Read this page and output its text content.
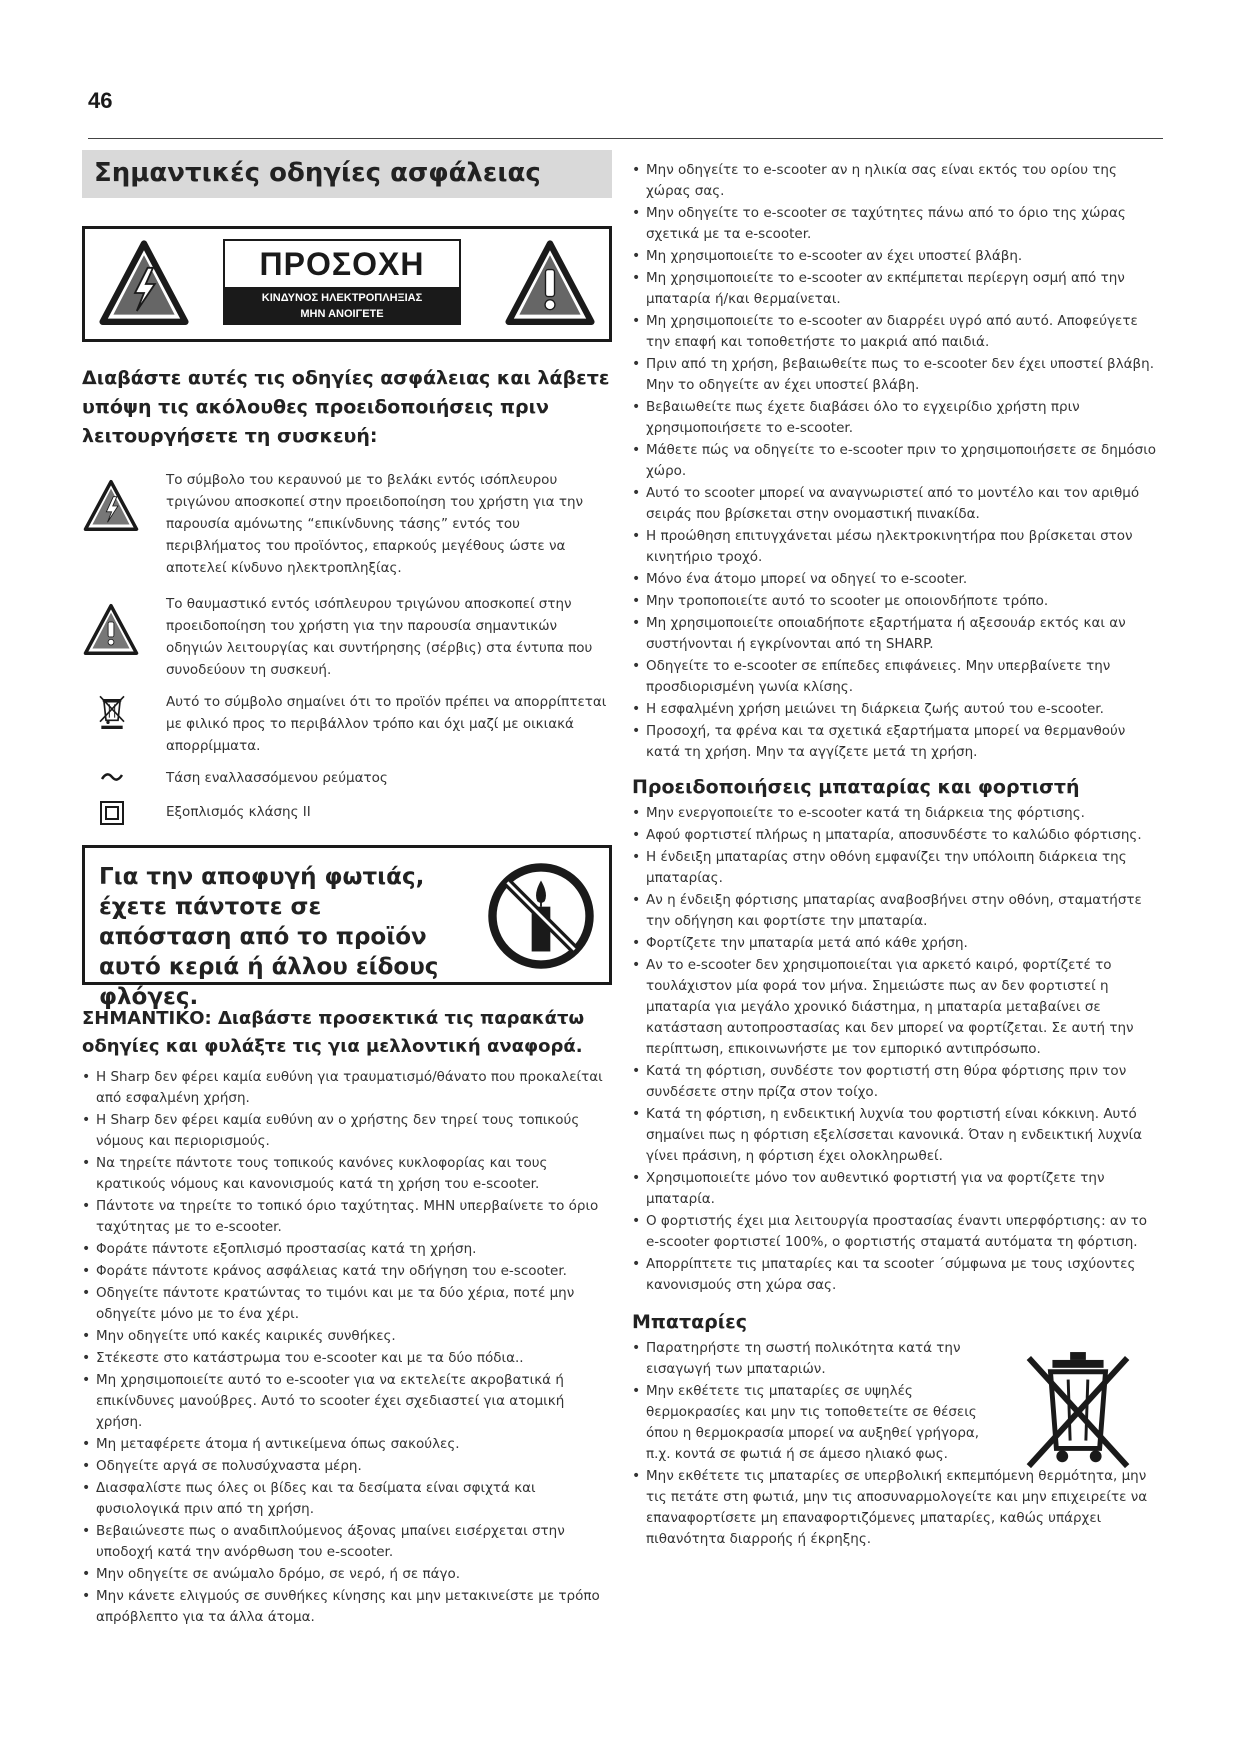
46
Σημαντικές οδηγίες ασφάλειας
ΠΡΟΣΟΧΗ
ΚΙΝΔΥΝΟΣ ΗΛΕΚΤΡΟΠΛΗΞΙΑΣ
ΜΗΝ ΑΝΟΙΓΕΤΕ
Διαβάστε αυτές τις οδηγίες ασφάλειας και λάβετε υπόψη τις ακόλουθες προειδοποιήσεις πριν λειτουργήσετε τη συσκευή:
Το σύμβολο του κεραυνού με το βελάκι εντός ισόπλευρου τριγώνου αποσκοπεί στην προειδοποίηση του χρήστη για την παρουσία αμόνωτης “επικίνδυνης τάσης” εντός του περιβλήματος του προϊόντος, επαρκούς μεγέθους ώστε να αποτελεί κίνδυνο ηλεκτροπληξίας.
Το θαυμαστικό εντός ισόπλευρου τριγώνου αποσκοπεί στην προειδοποίηση του χρήστη για την παρουσία σημαντικών οδηγιών λειτουργίας και συντήρησης (σέρβις) στα έντυπα που συνοδεύουν τη συσκευή.
Αυτό το σύμβολο σημαίνει ότι το προϊόν πρέπει να απορρίπτεται με φιλικό προς το περιβάλλον τρόπο και όχι μαζί με οικιακά απορρίμματα.
Τάση εναλλασσόμενου ρεύματος
Εξοπλισμός κλάσης II
Για την αποφυγή φωτιάς, έχετε πάντοτε σε απόσταση από το προϊόν αυτό κεριά ή άλλου είδους φλόγες.
ΣΗΜΑΝΤΙΚΟ: Διαβάστε προσεκτικά τις παρακάτω οδηγίες και φυλάξτε τις για μελλοντική αναφορά.
• Η Sharp δεν φέρει καμία ευθύνη για τραυματισμό/θάνατο που προκαλείται από εσφαλμένη χρήση.
• Η Sharp δεν φέρει καμία ευθύνη αν ο χρήστης δεν τηρεί τους τοπικούς νόμους και περιορισμούς.
• Να τηρείτε πάντοτε τους τοπικούς κανόνες κυκλοφορίας και τους κρατικούς νόμους και κανονισμούς κατά τη χρήση του e-scooter.
• Πάντοτε να τηρείτε το τοπικό όριο ταχύτητας. ΜΗΝ υπερβαίνετε το όριο ταχύτητας με το e-scooter.
• Φοράτε πάντοτε εξοπλισμό προστασίας κατά τη χρήση.
• Φοράτε πάντοτε κράνος ασφάλειας κατά την οδήγηση του e-scooter.
• Οδηγείτε πάντοτε κρατώντας το τιμόνι και με τα δύο χέρια, ποτέ μην οδηγείτε μόνο με το ένα χέρι.
• Μην οδηγείτε υπό κακές καιρικές συνθήκες.
• Στέκεστε στο κατάστρωμα του e-scooter και με τα δύο πόδια..
• Μη χρησιμοποιείτε αυτό το e-scooter για να εκτελείτε ακροβατικά ή επικίνδυνες μανούβρες. Αυτό το scooter έχει σχεδιαστεί για ατομική χρήση.
• Μη μεταφέρετε άτομα ή αντικείμενα όπως σακούλες.
• Οδηγείτε αργά σε πολυσύχναστα μέρη.
• Διασφαλίστε πως όλες οι βίδες και τα δεσίματα είναι σφιχτά και φυσιολογικά πριν από τη χρήση.
• Βεβαιώνεστε πως ο αναδιπλούμενος άξονας μπαίνει εισέρχεται στην υποδοχή κατά την ανόρθωση του e-scooter.
• Μην οδηγείτε σε ανώμαλο δρόμο, σε νερό, ή σε πάγο.
• Μην κάνετε ελιγμούς σε συνθήκες κίνησης και μην μετακινείστε με τρόπο απρόβλεπτο για τα άλλα άτομα.
• Μην οδηγείτε το e-scooter αν η ηλικία σας είναι εκτός του ορίου της χώρας σας.
• Μην οδηγείτε το e-scooter σε ταχύτητες πάνω από το όριο της χώρας σχετικά με τα e-scooter.
• Μη χρησιμοποιείτε το e-scooter αν έχει υποστεί βλάβη.
• Μη χρησιμοποιείτε το e-scooter αν εκπέμπεται περίεργη οσμή από την μπαταρία ή/και θερμαίνεται.
• Μη χρησιμοποιείτε το e-scooter αν διαρρέει υγρό από αυτό. Αποφεύγετε την επαφή και τοποθετήστε το μακριά από παιδιά.
• Πριν από τη χρήση, βεβαιωθείτε πως το e-scooter δεν έχει υποστεί βλάβη. Μην το οδηγείτε αν έχει υποστεί βλάβη.
• Βεβαιωθείτε πως έχετε διαβάσει όλο το εγχειρίδιο χρήστη πριν χρησιμοποιήσετε το e-scooter.
• Μάθετε πώς να οδηγείτε το e-scooter πριν το χρησιμοποιήσετε σε δημόσιο χώρο.
• Αυτό το scooter μπορεί να αναγνωριστεί από το μοντέλο και τον αριθμό σειράς που βρίσκεται στην ονομαστική πινακίδα.
• Η προώθηση επιτυγχάνεται μέσω ηλεκτροκινητήρα που βρίσκεται στον κινητήριο τροχό.
• Μόνο ένα άτομο μπορεί να οδηγεί το e-scooter.
• Μην τροποποιείτε αυτό το scooter με οποιονδήποτε τρόπο.
• Μη χρησιμοποιείτε οποιαδήποτε εξαρτήματα ή αξεσουάρ εκτός και αν συστήνονται ή εγκρίνονται από τη SHARP.
• Οδηγείτε το e-scooter σε επίπεδες επιφάνειες. Μην υπερβαίνετε την προσδιορισμένη γωνία κλίσης.
• Η εσφαλμένη χρήση μειώνει τη διάρκεια ζωής αυτού του e-scooter.
• Προσοχή, τα φρένα και τα σχετικά εξαρτήματα μπορεί να θερμανθούν κατά τη χρήση. Μην τα αγγίζετε μετά τη χρήση.
Προειδοποιήσεις μπαταρίας και φορτιστή
• Μην ενεργοποιείτε το e-scooter κατά τη διάρκεια της φόρτισης.
• Αφού φορτιστεί πλήρως η μπαταρία, αποσυνδέστε το καλώδιο φόρτισης.
• Η ένδειξη μπαταρίας στην οθόνη εμφανίζει την υπόλοιπη διάρκεια της μπαταρίας.
• Αν η ένδειξη φόρτισης μπαταρίας αναβοσβήνει στην οθόνη, σταματήστε την οδήγηση και φορτίστε την μπαταρία.
• Φορτίζετε την μπαταρία μετά από κάθε χρήση.
• Αν το e-scooter δεν χρησιμοποιείται για αρκετό καιρό, φορτίζετέ το τουλάχιστον μία φορά τον μήνα. Σημειώστε πως αν δεν φορτιστεί η μπαταρία για μεγάλο χρονικό διάστημα, η μπαταρία μεταβαίνει σε κατάσταση αυτοπροστασίας και δεν μπορεί να φορτίζεται. Σε αυτή την περίπτωση, επικοινωνήστε με τον εμπορικό αντιπρόσωπο.
• Κατά τη φόρτιση, συνδέστε τον φορτιστή στη θύρα φόρτισης πριν τον συνδέσετε στην πρίζα στον τοίχο.
• Κατά τη φόρτιση, η ενδεικτική λυχνία του φορτιστή είναι κόκκινη. Αυτό σημαίνει πως η φόρτιση εξελίσσεται κανονικά. Όταν η ενδεικτική λυχνία γίνει πράσινη, η φόρτιση έχει ολοκληρωθεί.
• Χρησιμοποιείτε μόνο τον αυθεντικό φορτιστή για να φορτίζετε την μπαταρία.
• Ο φορτιστής έχει μια λειτουργία προστασίας έναντι υπερφόρτισης: αν το e-scooter φορτιστεί 100%, ο φορτιστής σταματά αυτόματα τη φόρτιση.
• Απορρίπτετε τις μπαταρίες και τα scooter ΄σύμφωνα με τους ισχύοντες κανονισμούς στη χώρα σας.
Μπαταρίες
• Παρατηρήστε τη σωστή πολικότητα κατά την εισαγωγή των μπαταριών.
• Μην εκθέτετε τις μπαταρίες σε υψηλές θερμοκρασίες και μην τις τοποθετείτε σε θέσεις όπου η θερμοκρασία μπορεί να αυξηθεί γρήγορα, π.χ. κοντά σε φωτιά ή σε άμεσο ηλιακό φως.
• Μην εκθέτετε τις μπαταρίες σε υπερβολική εκπεμπόμενη θερμότητα, μην τις πετάτε στη φωτιά, μην τις αποσυναρμολογείτε και μην επιχειρείτε να επαναφορτίσετε μη επαναφορτιζόμενες μπαταρίες, καθώς υπάρχει πιθανότητα διαρροής ή έκρηξης.
